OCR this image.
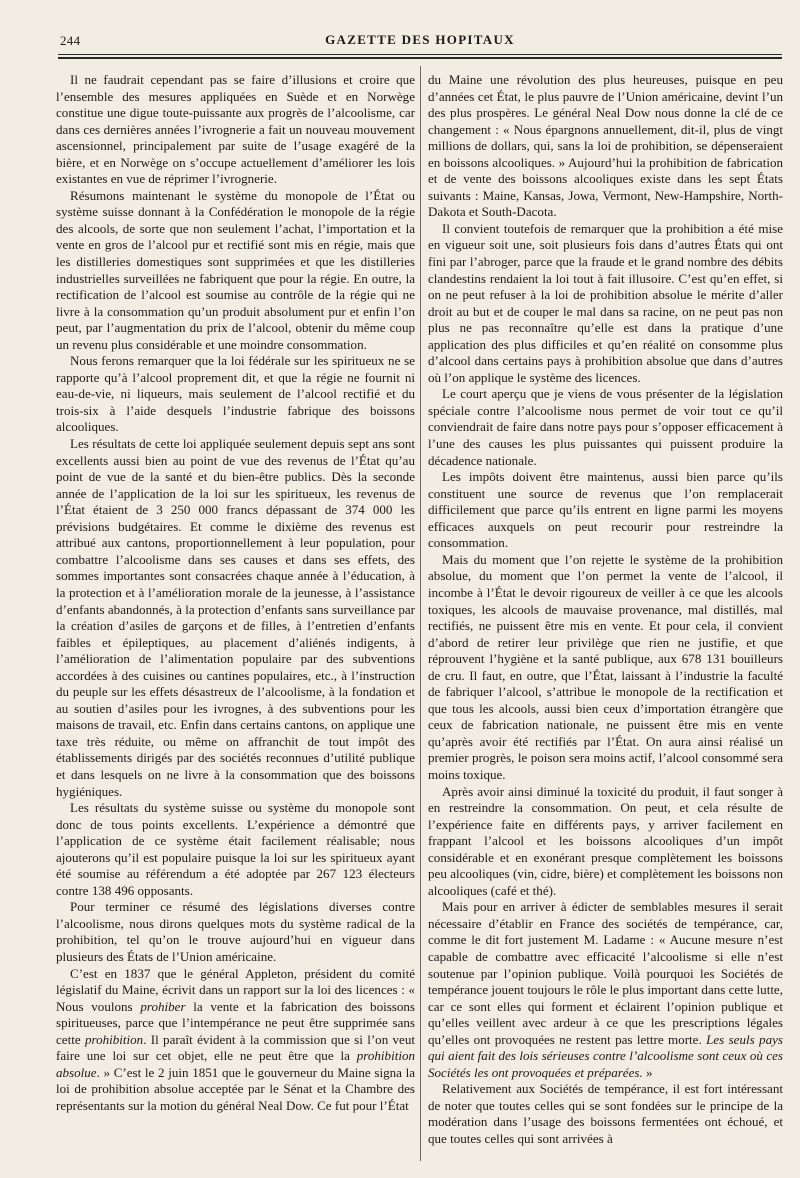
244	GAZETTE DES HOPITAUX

Il ne faudrait cependant pas se faire d’illusions et croire que l’ensemble des mesures appliquées en Suède et en Norwège constitue une digue toute-puissante aux progrès de l’alcoolisme, car dans ces dernières années l’ivrognerie a fait un nouveau mouvement ascensionnel, principalement par suite de l’usage exagéré de la bière, et en Norwège on s’occupe actuellement d’améliorer les lois existantes en vue de réprimer l’ivrognerie.

Résumons maintenant le système du monopole de l’État ou système suisse donnant à la Confédération le monopole de la régie des alcools, de sorte que non seulement l’achat, l’importation et la vente en gros de l’alcool pur et rectifié sont mis en régie, mais que les distilleries domestiques sont supprimées et que les distilleries industrielles surveillées ne fabriquent que pour la régie. En outre, la rectification de l’alcool est soumise au contrôle de la régie qui ne livre à la consommation qu’un produit absolument pur et enfin l’on peut, par l’augmentation du prix de l’alcool, obtenir du même coup un revenu plus considérable et une moindre consommation.

Nous ferons remarquer que la loi fédérale sur les spiritueux ne se rapporte qu’à l’alcool proprement dit, et que la régie ne fournit ni eau-de-vie, ni liqueurs, mais seulement de l’alcool rectifié et du trois-six à l’aide desquels l’industrie fabrique des boissons alcooliques.

Les résultats de cette loi appliquée seulement depuis sept ans sont excellents aussi bien au point de vue des revenus de l’État qu’au point de vue de la santé et du bien-être publics. Dès la seconde année de l’application de la loi sur les spiritueux, les revenus de l’État étaient de 3 250 000 francs dépassant de 374 000 les prévisions budgétaires. Et comme le dixième des revenus est attribué aux cantons, proportionnellement à leur population, pour combattre l’alcoolisme dans ses causes et dans ses effets, des sommes importantes sont consacrées chaque année à l’éducation, à la protection et à l’amélioration morale de la jeunesse, à l’assistance d’enfants abandonnés, à la protection d’enfants sans surveillance par la création d’asiles de garçons et de filles, à l’entretien d’enfants faibles et épileptiques, au placement d’aliénés indigents, à l’amélioration de l’alimentation populaire par des subventions accordées à des cuisines ou cantines populaires, etc., à l’instruction du peuple sur les effets désastreux de l’alcoolisme, à la fondation et au soutien d’asiles pour les ivrognes, à des subventions pour les maisons de travail, etc. Enfin dans certains cantons, on applique une taxe très réduite, ou même on affranchit de tout impôt des établissements dirigés par des sociétés reconnues d’utilité publique et dans lesquels on ne livre à la consommation que des boissons hygiéniques.

Les résultats du système suisse ou système du monopole sont donc de tous points excellents. L’expérience a démontré que l’application de ce système était facilement réalisable; nous ajouterons qu’il est populaire puisque la loi sur les spiritueux ayant été soumise au référendum a été adoptée par 267 123 électeurs contre 138 496 opposants.

Pour terminer ce résumé des législations diverses contre l’alcoolisme, nous dirons quelques mots du système radical de la prohibition, tel qu’on le trouve aujourd’hui en vigueur dans plusieurs des États de l’Union américaine.

C’est en 1837 que le général Appleton, président du comité législatif du Maine, écrivit dans un rapport sur la loi des licences : « Nous voulons prohiber la vente et la fabrication des boissons spiritueuses, parce que l’intempérance ne peut être supprimée sans cette prohibition. Il paraît évident à la commission que si l’on veut faire une loi sur cet objet, elle ne peut être que la prohibition absolue. » C’est le 2 juin 1851 que le gouverneur du Maine signa la loi de prohibition absolue acceptée par le Sénat et la Chambre des représentants sur la motion du général Neal Dow. Ce fut pour l’État

du Maine une révolution des plus heureuses, puisque en peu d’années cet État, le plus pauvre de l’Union américaine, devint l’un des plus prospères. Le général Neal Dow nous donne la clé de ce changement : « Nous épargnons annuellement, dit-il, plus de vingt millions de dollars, qui, sans la loi de prohibition, se dépenseraient en boissons alcooliques. » Aujourd’hui la prohibition de fabrication et de vente des boissons alcooliques existe dans les sept États suivants : Maine, Kansas, Jowa, Vermont, New-Hampshire, North-Dakota et South-Dacota.

Il convient toutefois de remarquer que la prohibition a été mise en vigueur soit une, soit plusieurs fois dans d’autres États qui ont fini par l’abroger, parce que la fraude et le grand nombre des débits clandestins rendaient la loi tout à fait illusoire. C’est qu’en effet, si on ne peut refuser à la loi de prohibition absolue le mérite d’aller droit au but et de couper le mal dans sa racine, on ne peut pas non plus ne pas reconnaître qu’elle est dans la pratique d’une application des plus difficiles et qu’en réalité on consomme plus d’alcool dans certains pays à prohibition absolue que dans d’autres où l’on applique le système des licences.

Le court aperçu que je viens de vous présenter de la législation spéciale contre l’alcoolisme nous permet de voir tout ce qu’il conviendrait de faire dans notre pays pour s’opposer efficacement à l’une des causes les plus puissantes qui puissent produire la décadence nationale.

Les impôts doivent être maintenus, aussi bien parce qu’ils constituent une source de revenus que l’on remplacerait difficilement que parce qu’ils entrent en ligne parmi les moyens efficaces auxquels on peut recourir pour restreindre la consommation.

Mais du moment que l’on rejette le système de la prohibition absolue, du moment que l’on permet la vente de l’alcool, il incombe à l’État le devoir rigoureux de veiller à ce que les alcools toxiques, les alcools de mauvaise provenance, mal distillés, mal rectifiés, ne puissent être mis en vente. Et pour cela, il convient d’abord de retirer leur privilège que rien ne justifie, et que réprouvent l’hygiène et la santé publique, aux 678 131 bouilleurs de cru. Il faut, en outre, que l’État, laissant à l’industrie la faculté de fabriquer l’alcool, s’attribue le monopole de la rectification et que tous les alcools, aussi bien ceux d’importation étrangère que ceux de fabrication nationale, ne puissent être mis en vente qu’après avoir été rectifiés par l’État. On aura ainsi réalisé un premier progrès, le poison sera moins actif, l’alcool consommé sera moins toxique.

Après avoir ainsi diminué la toxicité du produit, il faut songer à en restreindre la consommation. On peut, et cela résulte de l’expérience faite en différents pays, y arriver facilement en frappant l’alcool et les boissons alcooliques d’un impôt considérable et en exonérant presque complètement les boissons peu alcooliques (vin, cidre, bière) et complètement les boissons non alcooliques (café et thé).

Mais pour en arriver à édicter de semblables mesures il serait nécessaire d’établir en France des sociétés de tempérance, car, comme le dit fort justement M. Ladame : « Aucune mesure n’est capable de combattre avec efficacité l’alcoolisme si elle n’est soutenue par l’opinion publique. Voilà pourquoi les Sociétés de tempérance jouent toujours le rôle le plus important dans cette lutte, car ce sont elles qui forment et éclairent l’opinion publique et qu’elles veillent avec ardeur à ce que les prescriptions légales qu’elles ont provoquées ne restent pas lettre morte. Les seuls pays qui aient fait des lois sérieuses contre l’alcoolisme sont ceux où ces Sociétés les ont provoquées et préparées. »

Relativement aux Sociétés de tempérance, il est fort intéressant de noter que toutes celles qui se sont fondées sur le principe de la modération dans l’usage des boissons fermentées ont échoué, et que toutes celles qui sont arrivées à
